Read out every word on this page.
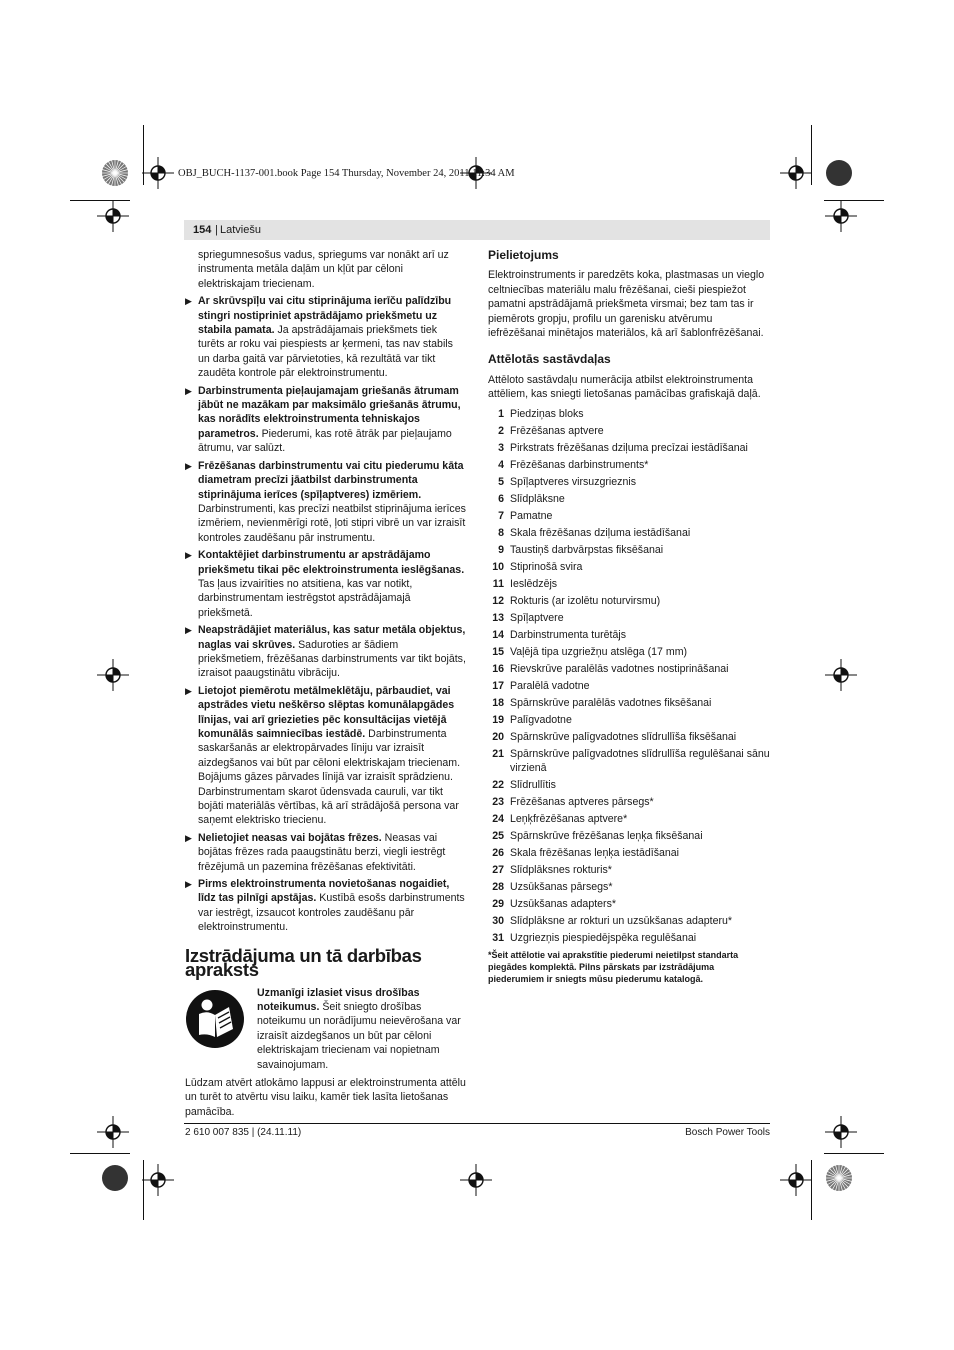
OBJ_BUCH-1137-001.book Page 154 Thursday, November 24, 2011 11:34 AM
154
| Latviešu

spriegumnesošus vadus, spriegums var nonākt arī uz instrumenta metāla daļām un kļūt par cēloni elektriskajam triecienam.

▶ Ar skrūvspīļu vai citu stiprinājuma ierīču palīdzību stingri nostipriniet apstrādājamo priekšmetu uz stabila pamata. Ja apstrādājamais priekšmets tiek turēts ar roku vai piespiests ar ķermeni, tas nav stabils un darba gaitā var pārvietoties, kā rezultātā var tikt zaudēta kontrole pār elektroinstrumentu.
▶ Darbinstrumenta pieļaujamajam griešanās ātrumam jābūt ne mazākam par maksimālo griešanās ātrumu, kas norādīts elektroinstrumenta tehniskajos parametros. Piederumi, kas rotē ātrāk par pieļaujamo ātrumu, var salūzt.
▶ Frēzēšanas darbinstrumentu vai citu piederumu kāta diametram precīzi jāatbilst darbinstrumenta stiprinājuma ierīces (spīļaptveres) izmēriem. Darbinstrumenti, kas precīzi neatbilst stiprinājuma ierīces izmēriem, nevienmērīgi rotē, ļoti stipri vibrē un var izraisīt kontroles zaudēšanu pār instrumentu.
▶ Kontaktējiet darbinstrumentu ar apstrādājamo priekšmetu tikai pēc elektroinstrumenta ieslēgšanas. Tas ļaus izvairīties no atsitiena, kas var notikt, darbinstrumentam iestrēgstot apstrādājamajā priekšmetā.
▶ Neapstrādājiet materiālus, kas satur metāla objektus, naglas vai skrūves. Saduroties ar šādiem priekšmetiem, frēzēšanas darbinstruments var tikt bojāts, izraisot paaugstinātu vibrāciju.
▶ Lietojot piemērotu metālmeklētāju, pārbaudiet, vai apstrādes vietu neškērso slēptas komunālapgādes līnijas, vai arī griezieties pēc konsultācijas vietējā komunālās saimniecības iestādē. Darbinstrumenta saskaršanās ar elektropārvades līniju var izraisīt aizdegšanos vai būt par cēloni elektriskajam triecienam. Bojājums gāzes pārvades līnijā var izraisīt sprādzienu. Darbinstrumentam skarot ūdensvada cauruli, var tikt bojāti materiālās vērtības, kā arī strādājošā persona var saņemt elektrisko triecienu.
▶ Nelietojiet neasas vai bojātas frēzes. Neasas vai bojātas frēzes rada paaugstinātu berzi, viegli iestrēgt frēzējumā un pazemina frēzēšanas efektivitāti.
▶ Pirms elektroinstrumenta novietošanas nogaidiet, līdz tas pilnīgi apstājas. Kustībā esošs darbinstruments var iestrēgt, izsaucot kontroles zaudēšanu pār elektroinstrumentu.
Izstrādājuma un tā darbības apraksts
Uzmanīgi izlasiet visus drošības noteikumus. Šeit sniegto drošības noteikumu un norādījumu neievērošana var izraisīt aizdegšanos un būt par cēloni elektriskajam triecienam vai nopietnam savainojumam.

Lūdzam atvērt atlokāmo lappusi ar elektroinstrumenta attēlu un turēt to atvērtu visu laiku, kamēr tiek lasīta lietošanas pamācība.

Pielietojums

Elektroinstruments ir paredzēts koka, plastmasas un vieglo celtniecības materiālu malu frēzēšanai, cieši piespiežot pamatni apstrādājamā priekšmeta virsmai; bez tam tas ir piemērots gropju, profilu un garenisku atvērumu iefrēzēšanai minētajos materiālos, kā arī šablonfrēzēšanai.

Attēlotās sastāvdaļas

Attēloto sastāvdaļu numerācija atbilst elektroinstrumenta attēliem, kas sniegti lietošanas pamācības grafiskajā daļā.

1 Piedziņas bloks
2 Frēzēšanas aptvere
3 Pirkstrats frēzēšanas dziļuma precīzai iestādīšanai
4 Frēzēšanas darbinstruments*
5 Spīļaptveres virsuzgrieznis
6 Slīdplāksne
7 Pamatne
8 Skala frēzēšanas dziļuma iestādīšanai
9 Taustiņš darbvārpstas fiksēšanai
10 Stiprinošā svira
11 Ieslēdzējs
12 Rokturis (ar izolētu noturvirsmu)
13 Spīļaptvere
14 Darbinstrumenta turētājs
15 Vaļējā tipa uzgriežņu atslēga (17 mm)
16 Rievskrūve paralēlās vadotnes nostiprināšanai
17 Paralēlā vadotne
18 Spārnskrūve paralēlās vadotnes fiksēšanai
19 Palīgvadotne
20 Spārnskrūve palīgvadotnes slīdrullīša fiksēšanai
21 Spārnskrūve palīgvadotnes slīdrullīša regulēšanai sānu virzienā
22 Slīdrullītis
23 Frēzēšanas aptveres pārsegs*
24 Leņķfrēzēšanas aptvere*
25 Spārnskrūve frēzēšanas leņķa fiksēšanai
26 Skala frēzēšanas leņķa iestādīšanai
27 Slīdplāksnes rokturis*
28 Uzsūkšanas pārsegs*
29 Uzsūkšanas adapters*
30 Slīdplāksne ar rokturi un uzsūkšanas adapteru*
31 Uzgriezņis piespiedējspēka regulēšanai
*Šeit attēlotie vai aprakstītie piederumi neietilpst standarta piegādes komplektā. Pilns pārskats par izstrādājuma piederumiem ir sniegts mūsu piederumu katalogā.
2 610 007 835 | (24.11.11)	Bosch Power Tools
